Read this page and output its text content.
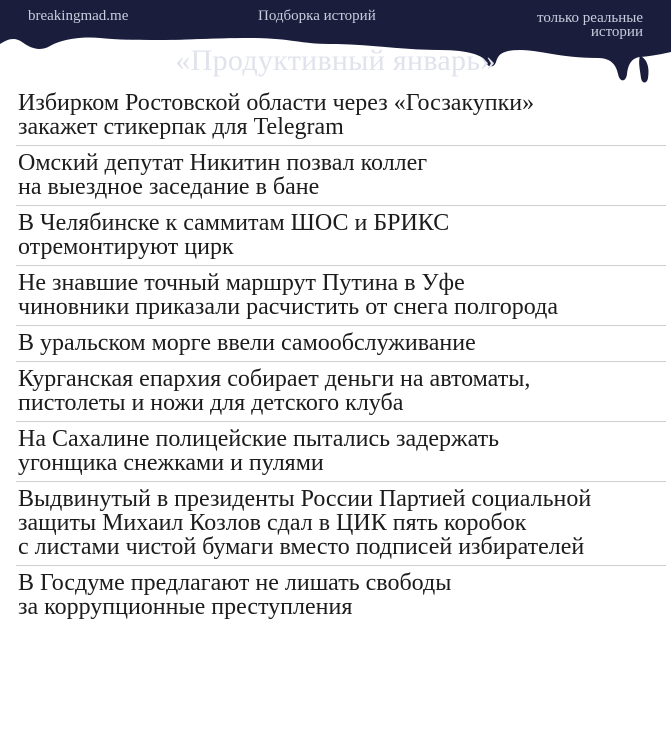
breakingmad.me	Подборка историй	только реальные истории
«Продуктивный январь»
Избирком Ростовской области через «Госзакупки»
закажет стикерпак для Telegram
Омский депутат Никитин позвал коллег
на выездное заседание в бане
В Челябинске к саммитам ШОС и БРИКС
отремонтируют цирк
Не знавшие точный маршрут Путина в Уфе
чиновники приказали расчистить от снега полгорода
В уральском морге ввели самообслуживание
Курганская епархия собирает деньги на автоматы,
пистолеты и ножи для детского клуба
На Сахалине полицейские пытались задержать
угонщика снежками и пулями
Выдвинутый в президенты России Партией социальной
защиты Михаил Козлов сдал в ЦИК пять коробок
с листами чистой бумаги вместо подписей избирателей
В Госдуме предлагают не лишать свободы
за коррупционные преступления
